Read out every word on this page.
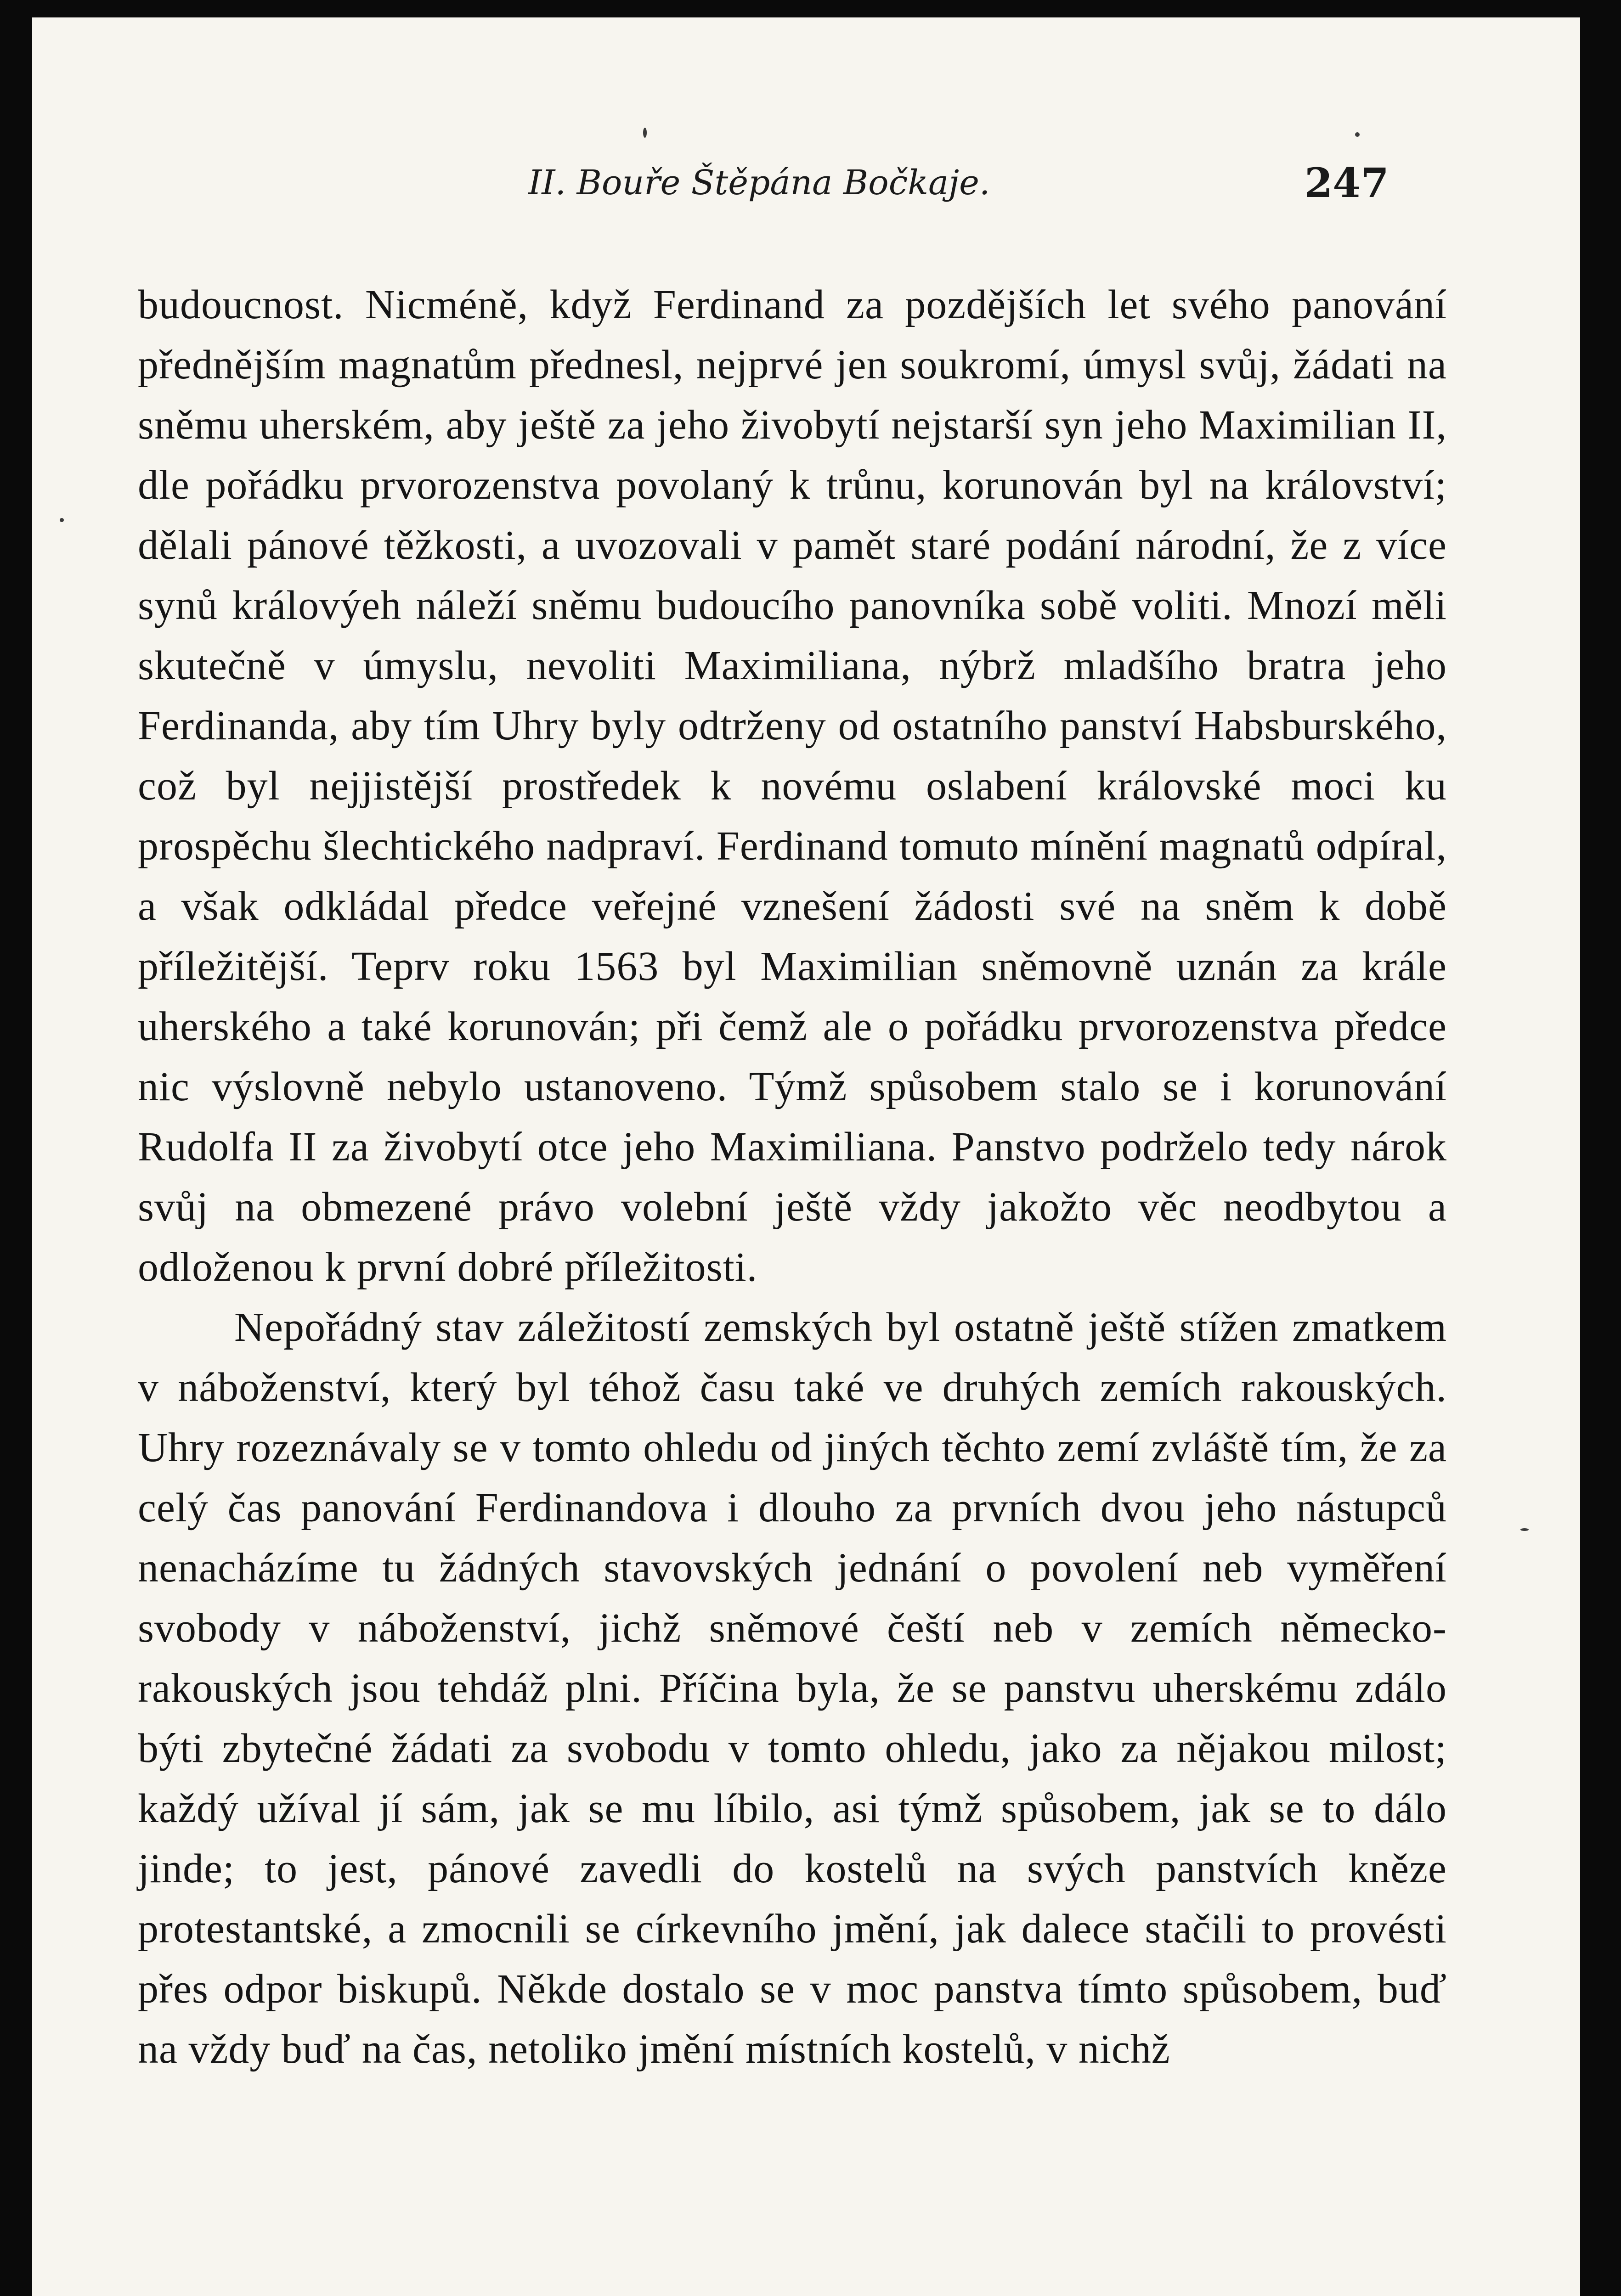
II. Bouře Štěpána Bočkaje.	247

budoucnost. Nicméně, když Ferdinand za pozdějších let svého panování přednějším magnatům přednesl, nejprvé jen soukromí, úmysl svůj, žádati na sněmu uherském, aby ještě za jeho živobytí nejstarší syn jeho Maximilian II, dle pořádku prvorozenstva povolaný k trůnu, korunován byl na království; dělali pánové těžkosti, a uvozovali v pamět staré podání národní, že z více synů královýeh náleží sněmu budoucího panovníka sobě voliti. Mnozí měli skutečně v úmyslu, nevoliti Maximiliana, nýbrž mladšího bratra jeho Ferdinanda, aby tím Uhry byly odtrženy od ostatního panství Habsburského, což byl nejjistější prostředek k novému oslabení královské moci ku prospěchu šlechtického nadpraví. Ferdinand tomuto mínění magnatů odpíral, a však odkládal předce veřejné vznešení žádosti své na sněm k době příležitější. Teprv roku 1563 byl Maximilian sněmovně uznán za krále uherského a také korunován; při čemž ale o pořádku prvorozenstva předce nic výslovně nebylo ustanoveno. Týmž spůsobem stalo se i korunování Rudolfa II za živobytí otce jeho Maximiliana. Panstvo podrželo tedy nárok svůj na obmezené právo volební ještě vždy jakožto věc neodbytou a odloženou k první dobré příležitosti.

Nepořádný stav záležitostí zemských byl ostatně ještě stížen zmatkem v náboženství, který byl téhož času také ve druhých zemích rakouských. Uhry rozeznávaly se v tomto ohledu od jiných těchto zemí zvláště tím, že za celý čas panování Ferdinandova i dlouho za prvních dvou jeho nástupců nenacházíme tu žádných stavovských jednání o povolení neb vyměření svobody v náboženství, jichž sněmové čeští neb v zemích německo-rakouských jsou tehdáž plni. Příčina byla, že se panstvu uherskému zdálo býti zbytečné žádati za svobodu v tomto ohledu, jako za nějakou milost; každý užíval jí sám, jak se mu líbilo, asi týmž spůsobem, jak se to dálo jinde; to jest, pánové zavedli do kostelů na svých panstvích kněze protestantské, a zmocnili se církevního jmění, jak dalece stačili to provésti přes odpor biskupů. Někde dostalo se v moc panstva tímto spůsobem, buď na vždy buď na čas, netoliko jmění místních kostelů, v nichž
